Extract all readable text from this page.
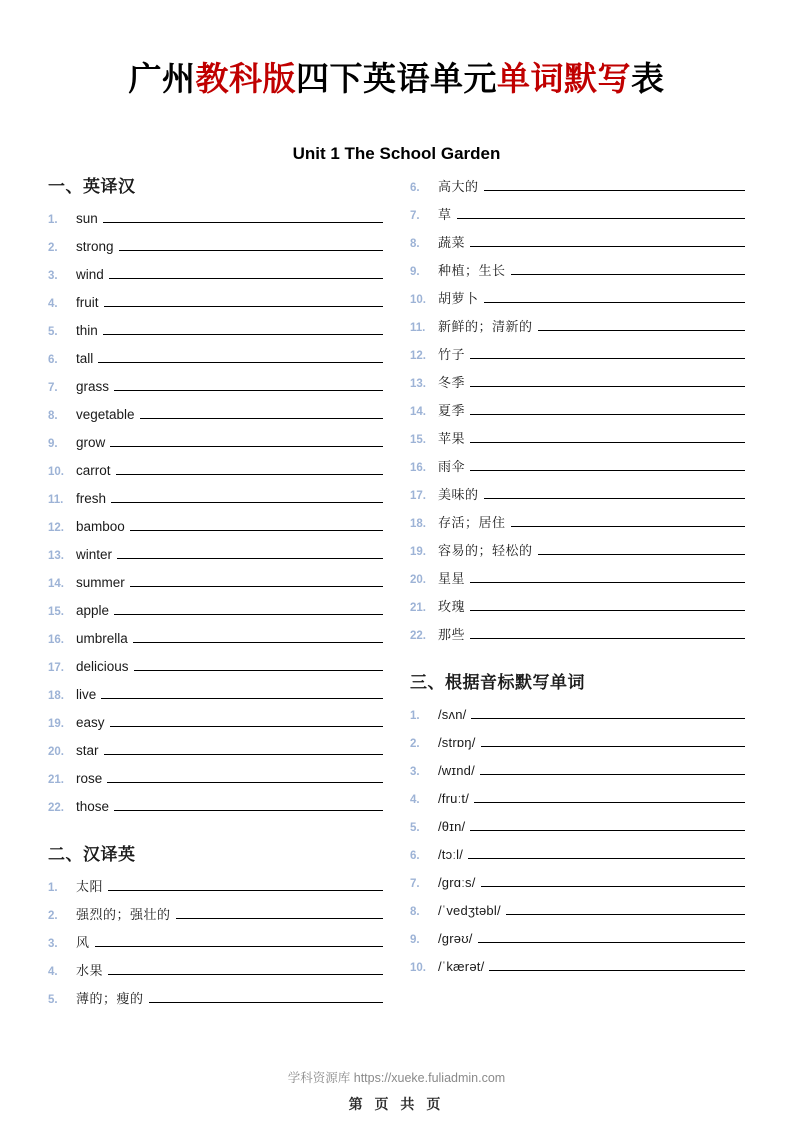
广州教科版四下英语单元单词默写表
Unit 1 The School Garden
一、英译汉
1.	sun
2.	strong
3.	wind
4.	fruit
5.	thin
6.	tall
7.	grass
8.	vegetable
9.	grow
10. carrot
11. fresh
12. bamboo
13. winter
14. summer
15. apple
16. umbrella
17. delicious
18. live
19. easy
20. star
21. rose
22. those
二、汉译英
1.	太阳
2.	强烈的；强壮的
3.	风
4.	水果
5.	薄的；瘦的
6.	高大的
7.	草
8.	蔬菜
9.	种植；生长
10. 胡萝卜
11. 新鲜的；清新的
12. 竹子
13. 冬季
14. 夏季
15. 苹果
16. 雨伞
17. 美味的
18. 存活；居住
19. 容易的；轻松的
20. 星星
21. 玫瑰
22. 那些
三、根据音标默写单词
1.	/sʌn/
2.	/strɒŋ/
3.	/wɪnd/
4.	/fruːt/
5.	/θɪn/
6.	/tɔːl/
7.	/grɑːs/
8.	/ˈvedʒtəbl/
9.	/grəʊ/
10. /ˈkærət/
学科资源库 https://xueke.fuliadmin.com
第 页 共 页
